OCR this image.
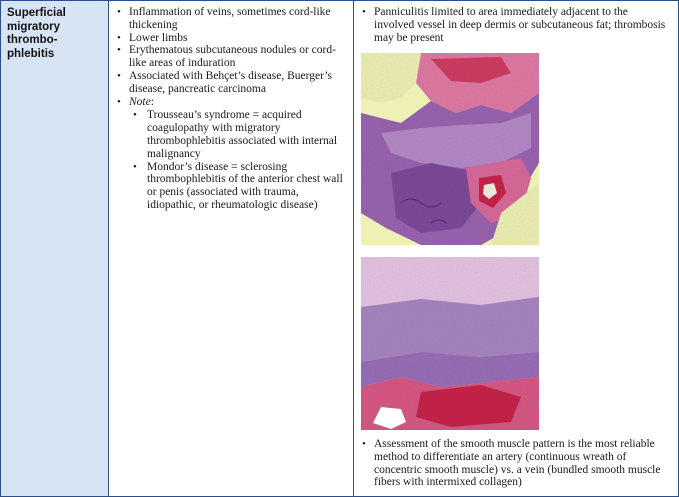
Superficial
migratory
thrombo-
phlebitis
• Inflammation of veins, sometimes cord-like thickening
• Lower limbs
• Erythematous subcutaneous nodules or cord-like areas of induration
• Associated with Behçet’s disease, Buerger’s disease, pancreatic carcinoma
• Note:
• Trousseau’s syndrome = acquired coagulopathy with migratory thrombophlebitis associated with internal malignancy
• Mondor’s disease = sclerosing thrombophlebitis of the anterior chest wall or penis (associated with trauma, idiopathic, or rheumatologic disease)
• Panniculitis limited to area immediately adjacent to the involved vessel in deep dermis or subcutaneous fat; thrombosis may be present
• Assessment of the smooth muscle pattern is the most reliable method to differentiate an artery (continuous wreath of concentric smooth muscle) vs. a vein (bundled smooth muscle fibers with intermixed collagen)
